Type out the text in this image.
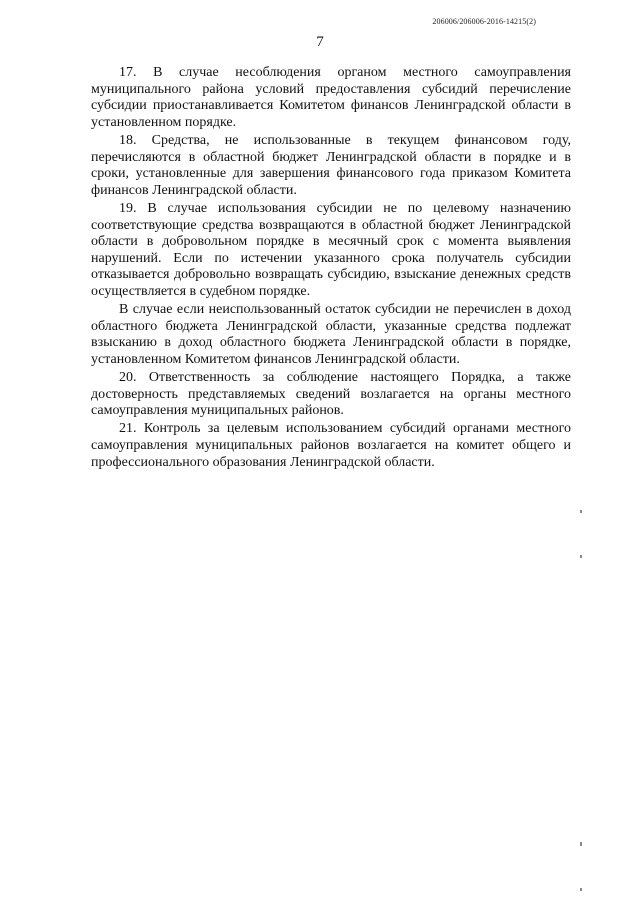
206006/206006-2016-14215(2)
7

17. В случае несоблюдения органом местного самоуправления муниципального района условий предоставления субсидий перечисление субсидии приостанавливается Комитетом финансов Ленинградской области в установленном порядке.

18. Средства, не использованные в текущем финансовом году, перечисляются в областной бюджет Ленинградской области в порядке и в сроки, установленные для завершения финансового года приказом Комитета финансов Ленинградской области.

19. В случае использования субсидии не по целевому назначению соответствующие средства возвращаются в областной бюджет Ленинградской области в добровольном порядке в месячный срок с момента выявления нарушений. Если по истечении указанного срока получатель субсидии отказывается добровольно возвращать субсидию, взыскание денежных средств осуществляется в судебном порядке.

В случае если неиспользованный остаток субсидии не перечислен в доход областного бюджета Ленинградской области, указанные средства подлежат взысканию в доход областного бюджета Ленинградской области в порядке, установленном Комитетом финансов Ленинградской области.

20. Ответственность за соблюдение настоящего Порядка, а также достоверность представляемых сведений возлагается на органы местного самоуправления муниципальных районов.

21. Контроль за целевым использованием субсидий органами местного самоуправления муниципальных районов возлагается на комитет общего и профессионального образования Ленинградской области.
